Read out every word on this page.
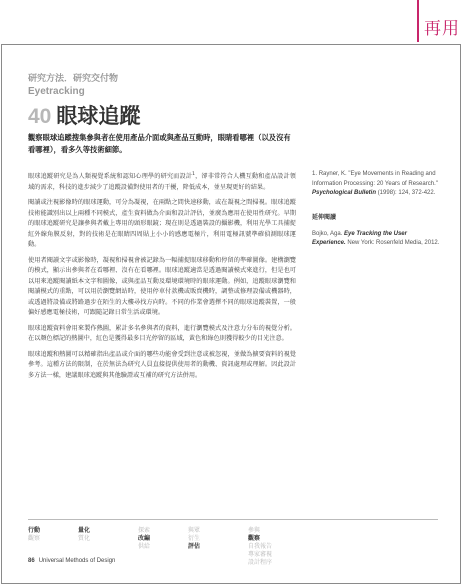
再用
研究方法．研究交付物
Eyetracking
40 眼球追蹤
觀察眼球追蹤搜集參與者在使用產品介面或與產品互動時，眼睛看哪裡（以及沒有看哪裡），看多久等技術細節。

眼球追蹤研究是為人類視覺系統和認知心理學的研究而設計$^1$，卻非常符合人機互動和產品設計領域的需求，科技的進步減少了追蹤設備對使用者的干擾，降低成本，並呈現更好的結果。

閱讀或注視影像時的眼球運動，可分為凝視，在兩點之間快速移動，或在凝視之間掃視。眼球追蹤技術能識別出以上兩種不同模式，產生資料做為介面和設計評估，並廣為應用在使用性研究。早期的眼球追蹤研究是讓參與者戴上專用的頭形眼鏡；現在則是透過裝設的攝影機，利用光學工具捕捉紅外線角膜反射，對的技術是在眼睛四周貼上小小的感應電極片，利用電極訊號準確偵測眼球運動。

使用者閱讀文字或影像時，凝視和掃視會被記錄為一幅捕捉眼球移動和停留的準確圖像。建構瀏覽的模式，顯示出參與者在看哪裡、沒有在看哪裡。眼球追蹤適當是透過閱讀模式來進行，但是也可以用來追蹤閱讀紙本文字和圖像，或與產品互動及環境環境時的眼球運動。例如，追蹤眼球瀏覽和閱讀模式的重點，可以用於瀏覽網站時，使用停車付款機或販賣機時，調整或修理設備或機器時，或透過將設備或將路過步在陌生的大樓尋找方向時。不同的作業會選擇不同的眼球追蹤裝置，一般偏好感應電極技術，可跟隨記錄日常生活或環境。

眼球追蹤資料會用來製作熱圖，累計多名參與者的資料，進行瀏覽模式及注意力分布的視覺分析。在以顏色標記的熱圖中，紅色是獲得最多目光停留的區域，黃色和綠色則獲得較少的目光注意。

眼球追蹤和熱圖可以精確指出產品或介面的哪些功能會受到注意或被忽視，並做為擴要資料的視覺參考。這種方法的限制，在於無法為研究人員直接提供使用者的動機、資訊處理或理解。因此設計多方法一樣，建議眼球追蹤與其他驗證或互補的研究方法併用。

1. Rayner, K. "Eye Movements in Reading and Information Processing: 20 Years of Research." Psychological Bulletin (1998): 124, 372-422.
延伸閱讀
Bojko, Aga. Eye Tracking the User Experience. New York: Rosenfeld Media, 2012.
行動
觀察
量化
質化
探索
改編
供給
與眾
衍生
評估
參與
觀察
自我報告
專家審視
設計程序
86 Universal Methods of Design
